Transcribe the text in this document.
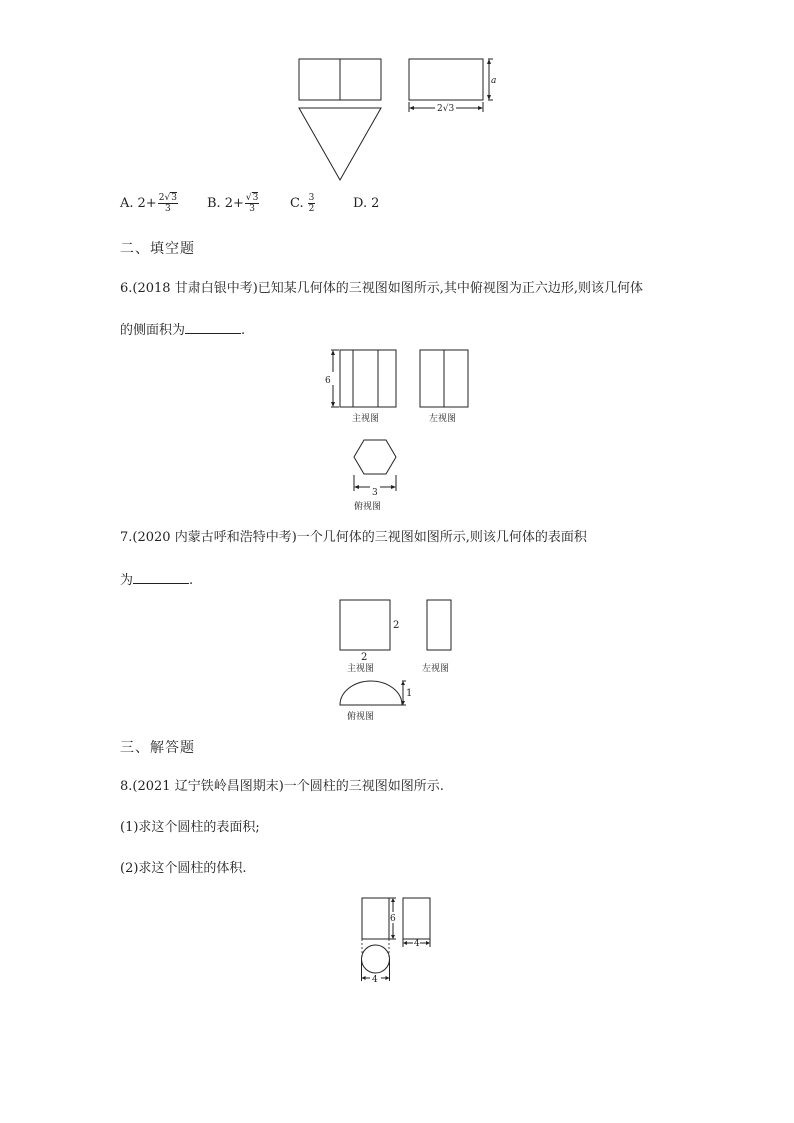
a
2√3
A. $2+ \frac{2√3}{3} B$. $2+ \frac{√3}{3} C$. $\frac{3}{2}$	D. 2
二、填空题
6.(2018 甘肃白银中考)已知某几何体的三视图如图所示,其中俯视图为正六边形,则该几何体
的侧面积为	.
6
主视图	左视图
3
俯视图
7.(2020 内蒙古呼和浩特中考)一个几何体的三视图如图所示,则该几何体的表面积
为	.
2
2
主视图	左视图
1
俯视图
三、解答题
8.(2021 辽宁铁岭昌图期末)一个圆柱的三视图如图所示.
(1)求这个圆柱的表面积;
(2)求这个圆柱的体积.
6
4
4
